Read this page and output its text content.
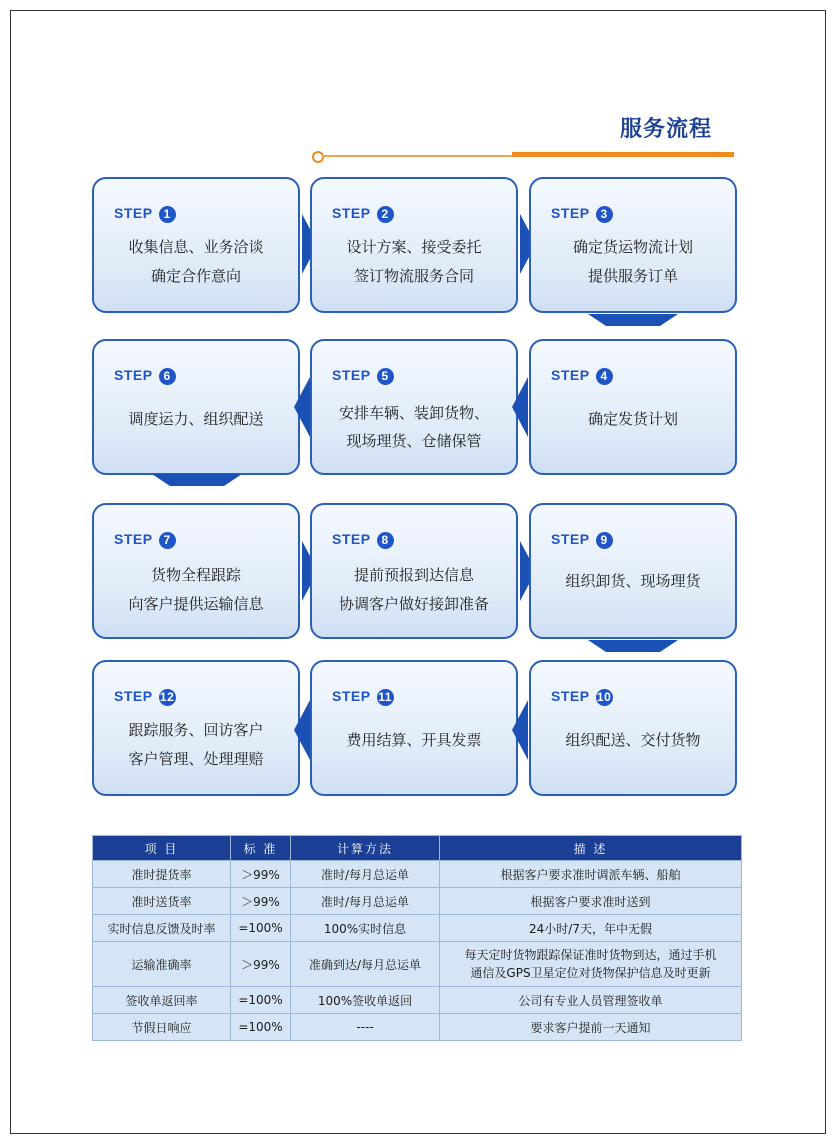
服务流程
STEP 1
收集信息、业务洽谈
确定合作意向
STEP 2
设计方案、接受委托
签订物流服务合同
STEP 3
确定货运物流计划
提供服务订单
STEP 6
调度运力、组织配送
STEP 5
安排车辆、装卸货物、
现场理货、仓储保管
STEP 4
确定发货计划
STEP 7
货物全程跟踪
向客户提供运输信息
STEP 8
提前预报到达信息
协调客户做好接卸准备
STEP 9
组织卸货、现场理货
STEP 12
跟踪服务、回访客户
客户管理、处理理赔
STEP 11
费用结算、开具发票
STEP 10
组织配送、交付货物
项 目	标 准	计算方法	描 述
准时提货率	＞99%	准时/每月总运单	根据客户要求准时调派车辆、船舶
准时送货率	＞99%	准时/每月总运单	根据客户要求准时送到
实时信息反馈及时率	=100%	100%实时信息	24小时/7天，年中无假
运输准确率	＞99%	准确到达/每月总运单	每天定时货物跟踪保证准时货物到达，通过手机
通信及GPS卫星定位对货物保护信息及时更新

签收单返回率	=100%	100%签收单返回	公司有专业人员管理签收单
节假日响应	=100%	----	要求客户提前一天通知
